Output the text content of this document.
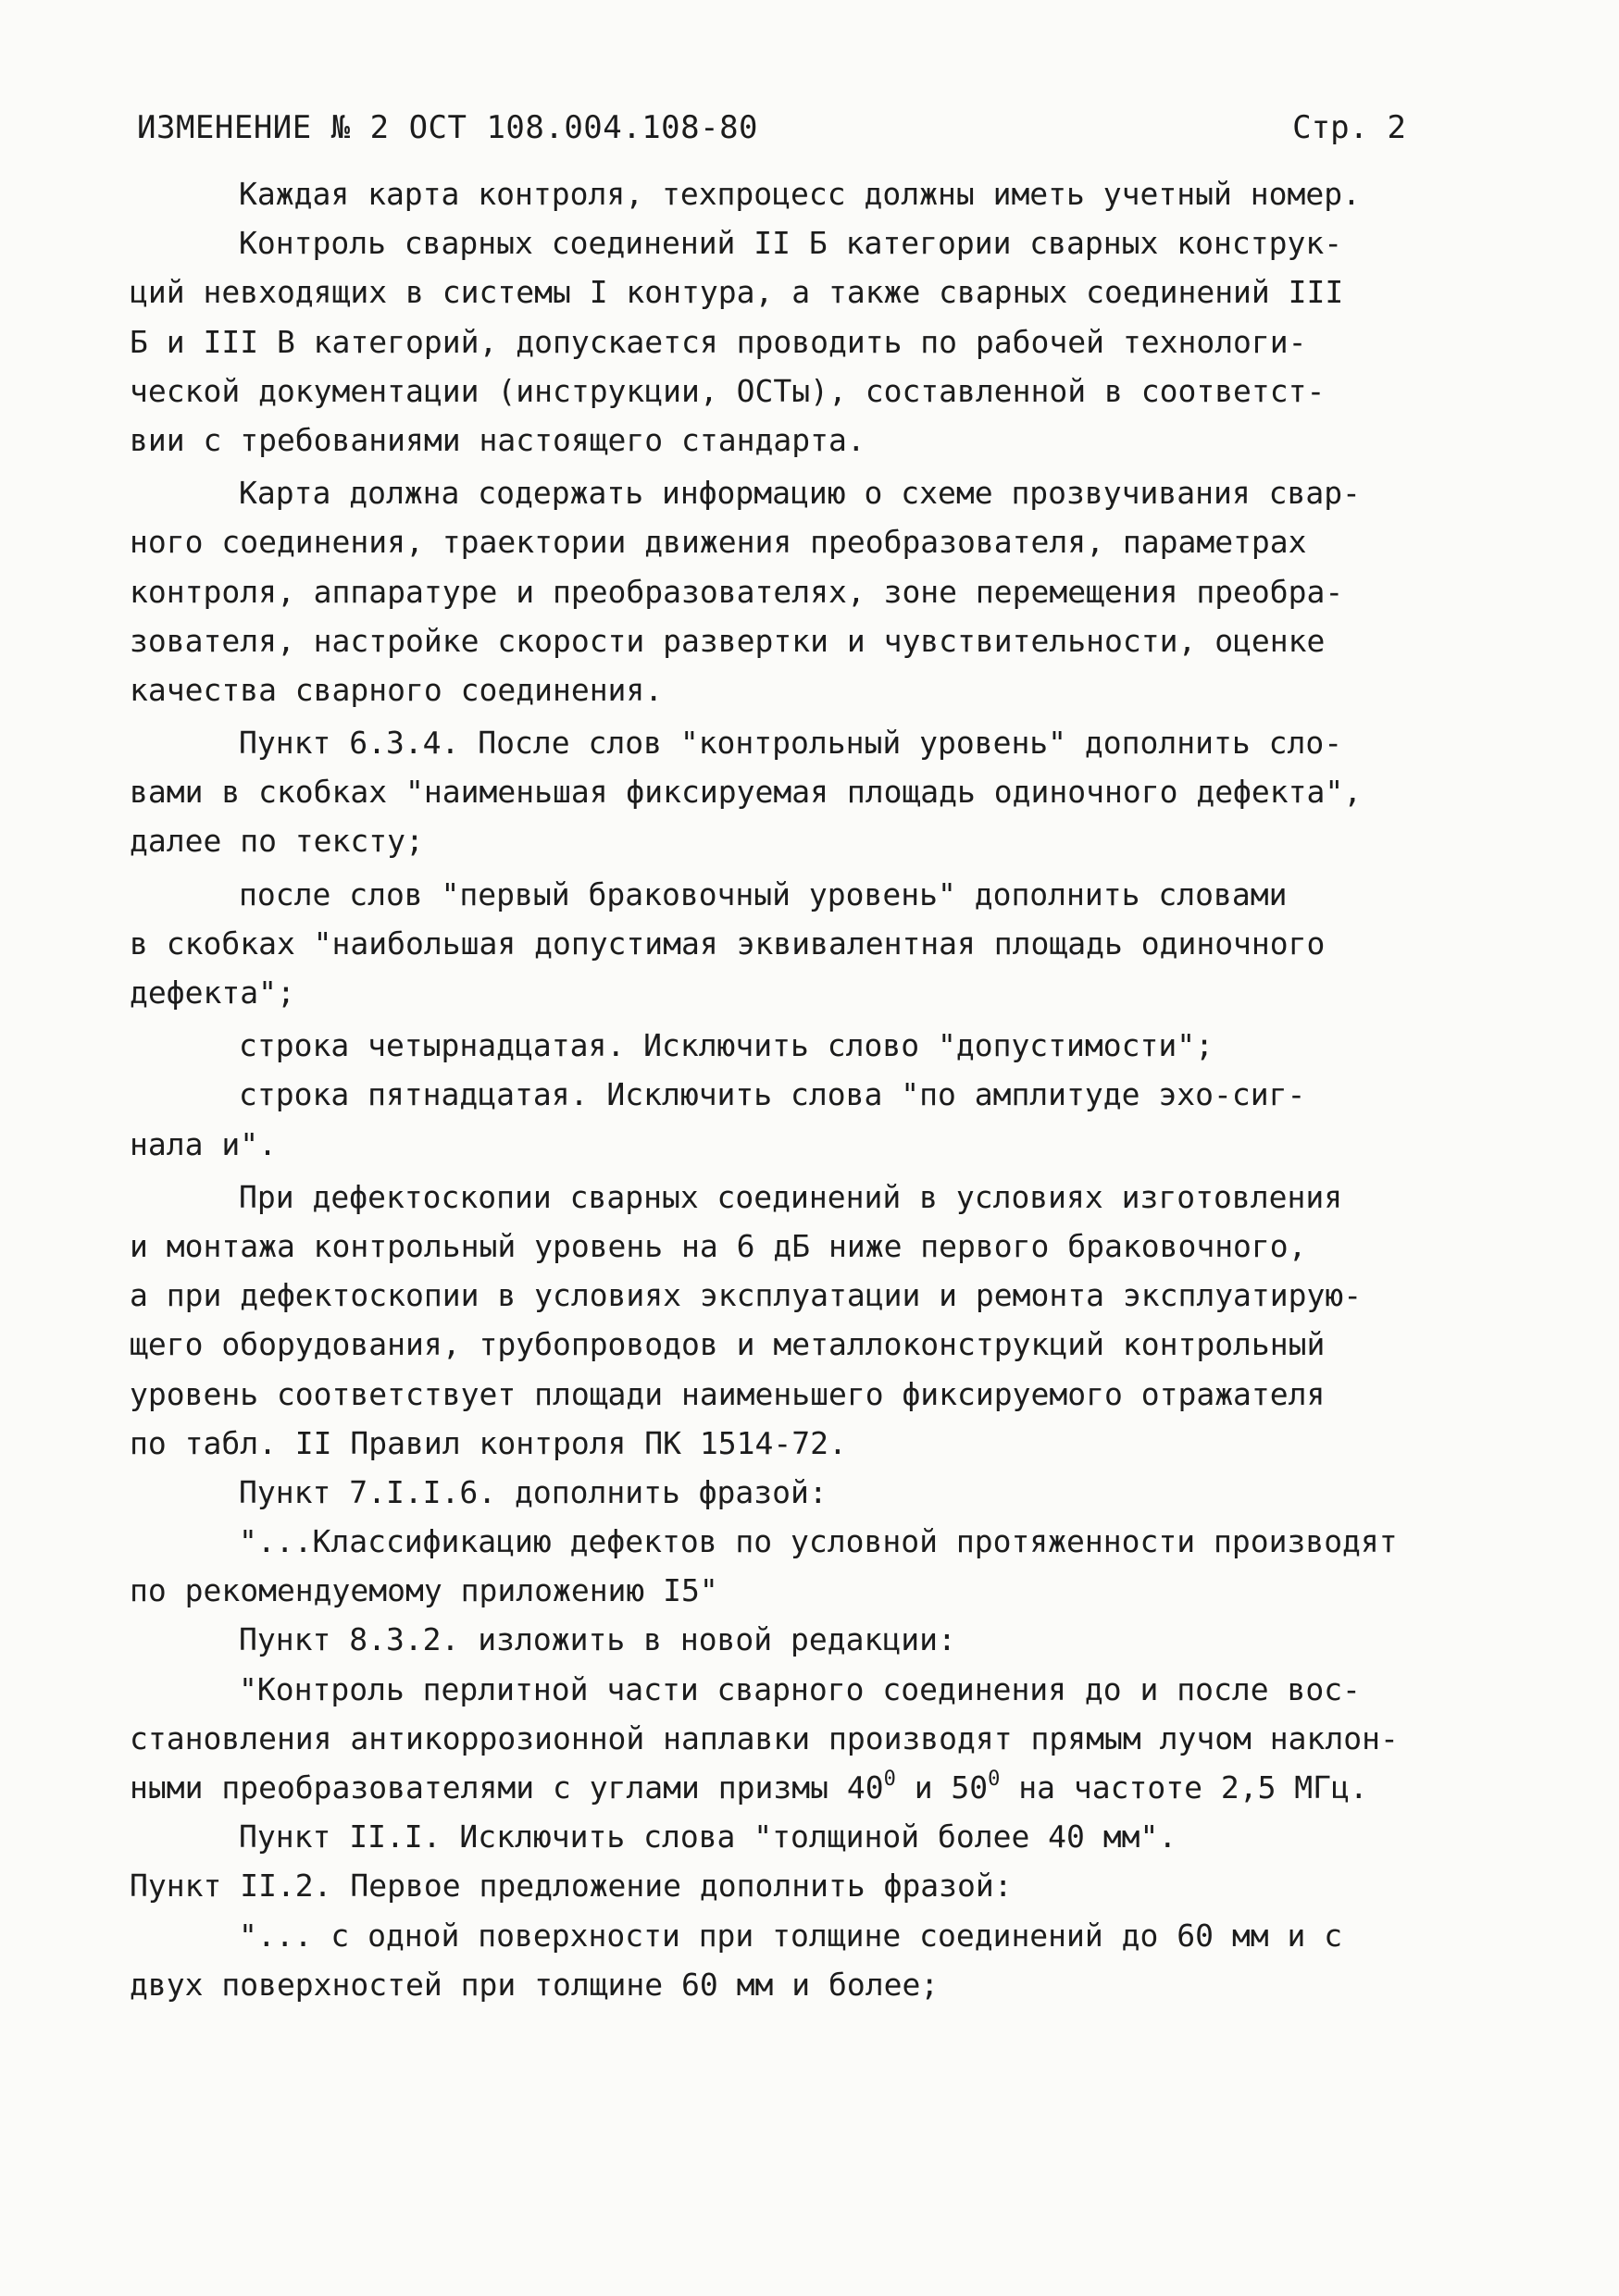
ИЗМЕНЕНИЕ № 2 ОСТ 108.004.108-80	Стр. 2
Каждая карта контроля, техпроцесс должны иметь учетный номер.
Контроль сварных соединений II Б категории сварных конструк-
ций невходящих в системы I контура, а также сварных соединений III
Б и III В категорий, допускается проводить по рабочей технологи-
ческой документации (инструкции, ОСТы), составленной в соответст-
вии с требованиями настоящего стандарта.
Карта должна содержать информацию о схеме прозвучивания свар-
ного соединения, траектории движения преобразователя, параметрах
контроля, аппаратуре и преобразователях, зоне перемещения преобра-
зователя, настройке скорости развертки и чувствительности, оценке
качества сварного соединения.
Пункт 6.3.4. После слов "контрольный уровень" дополнить сло-
вами в скобках "наименьшая фиксируемая площадь одиночного дефекта",
далее по тексту;
после слов "первый браковочный уровень" дополнить словами
в скобках "наибольшая допустимая эквивалентная площадь одиночного
дефекта";
строка четырнадцатая. Исключить слово "допустимости";
строка пятнадцатая. Исключить слова "по амплитуде эхо-сиг-
нала и".
При дефектоскопии сварных соединений в условиях изготовления
и монтажа контрольный уровень на 6 дБ ниже первого браковочного,
а при дефектоскопии в условиях эксплуатации и ремонта эксплуатирую-
щего оборудования, трубопроводов и металлоконструкций контрольный
уровень соответствует площади наименьшего фиксируемого отражателя
по табл. II Правил контроля ПК 1514-72.
Пункт 7.I.I.6. дополнить фразой:
"...Классификацию дефектов по условной протяженности производят
по рекомендуемому приложению I5"
Пункт 8.3.2. изложить в новой редакции:
"Контроль перлитной части сварного соединения до и после вос-
становления антикоррозионной наплавки производят прямым лучом наклон-
ными преобразователями с углами призмы $40^0$ и $50^0$ на частоте 2,5 МГц.
Пункт II.I. Исключить слова "толщиной более 40 мм".
Пункт II.2. Первое предложение дополнить фразой:
"... с одной поверхности при толщине соединений до 60 мм и с
двух поверхностей при толщине 60 мм и более;
